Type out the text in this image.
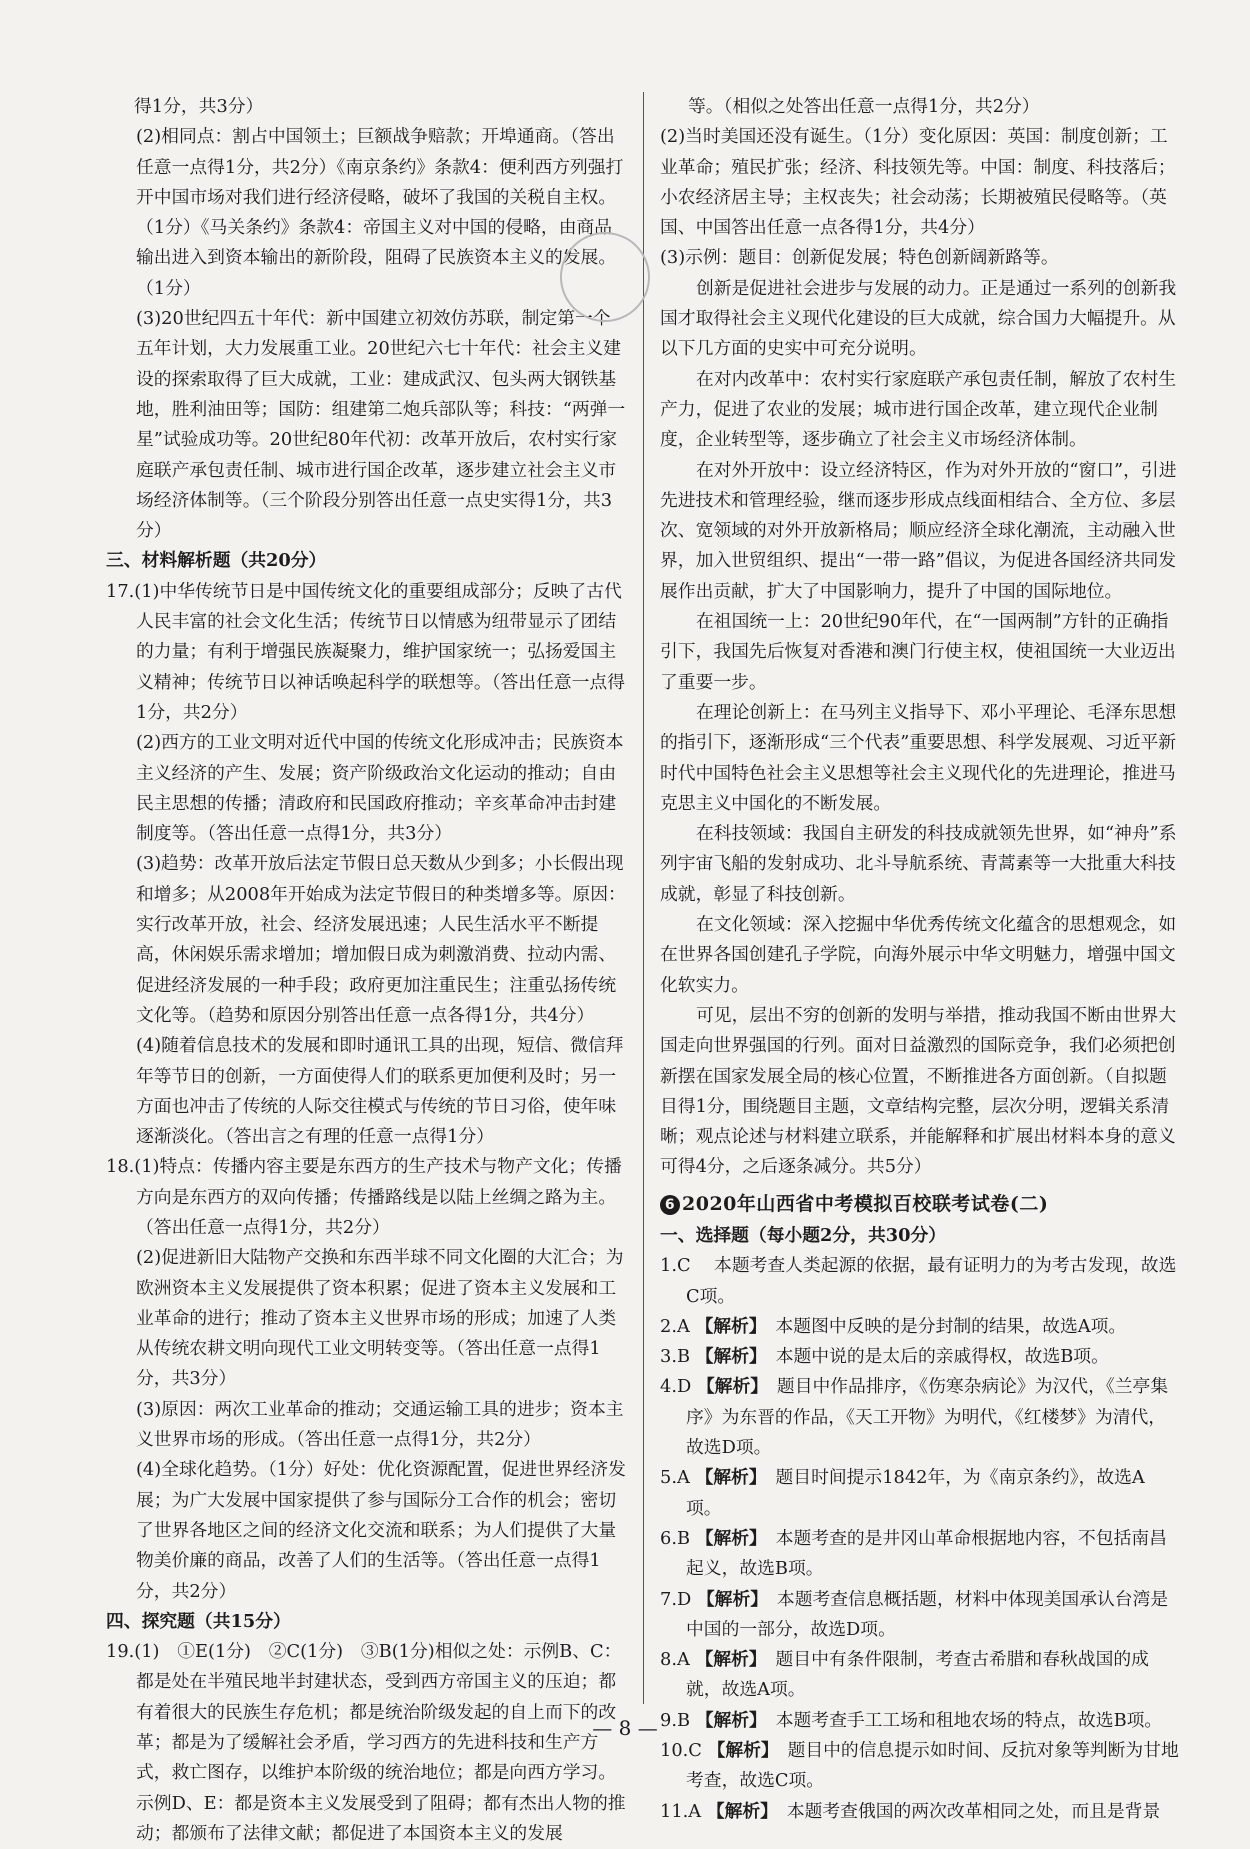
得1分，共3分）

(2)相同点：割占中国领土；巨额战争赔款；开埠通商。（答出任意一点得1分，共2分）《南京条约》条款4：便利西方列强打开中国市场对我们进行经济侵略，破坏了我国的关税自主权。（1分）《马关条约》条款4：帝国主义对中国的侵略，由商品输出进入到资本输出的新阶段，阻碍了民族资本主义的发展。（1分）

(3)20世纪四五十年代：新中国建立初效仿苏联，制定第一个五年计划，大力发展重工业。20世纪六七十年代：社会主义建设的探索取得了巨大成就，工业：建成武汉、包头两大钢铁基地，胜利油田等；国防：组建第二炮兵部队等；科技：“两弹一星”试验成功等。20世纪80年代初：改革开放后，农村实行家庭联产承包责任制、城市进行国企改革，逐步建立社会主义市场经济体制等。（三个阶段分别答出任意一点史实得1分，共3分）

三、材料解析题（共20分）

17.(1)中华传统节日是中国传统文化的重要组成部分；反映了古代人民丰富的社会文化生活；传统节日以情感为纽带显示了团结的力量；有利于增强民族凝聚力，维护国家统一；弘扬爱国主义精神；传统节日以神话唤起科学的联想等。（答出任意一点得1分，共2分）

(2)西方的工业文明对近代中国的传统文化形成冲击；民族资本主义经济的产生、发展；资产阶级政治文化运动的推动；自由民主思想的传播；清政府和民国政府推动；辛亥革命冲击封建制度等。（答出任意一点得1分，共3分）

(3)趋势：改革开放后法定节假日总天数从少到多；小长假出现和增多；从2008年开始成为法定节假日的种类增多等。原因：实行改革开放，社会、经济发展迅速；人民生活水平不断提高，休闲娱乐需求增加；增加假日成为刺激消费、拉动内需、促进经济发展的一种手段；政府更加注重民生；注重弘扬传统文化等。（趋势和原因分别答出任意一点各得1分，共4分）

(4)随着信息技术的发展和即时通讯工具的出现，短信、微信拜年等节日的创新，一方面使得人们的联系更加便利及时；另一方面也冲击了传统的人际交往模式与传统的节日习俗，使年味逐渐淡化。（答出言之有理的任意一点得1分）

18.(1)特点：传播内容主要是东西方的生产技术与物产文化；传播方向是东西方的双向传播；传播路线是以陆上丝绸之路为主。（答出任意一点得1分，共2分）

(2)促进新旧大陆物产交换和东西半球不同文化圈的大汇合；为欧洲资本主义发展提供了资本积累；促进了资本主义发展和工业革命的进行；推动了资本主义世界市场的形成；加速了人类从传统农耕文明向现代工业文明转变等。（答出任意一点得1分，共3分）

(3)原因：两次工业革命的推动；交通运输工具的进步；资本主义世界市场的形成。（答出任意一点得1分，共2分）

(4)全球化趋势。（1分）好处：优化资源配置，促进世界经济发展；为广大发展中国家提供了参与国际分工合作的机会；密切了世界各地区之间的经济文化交流和联系；为人们提供了大量物美价廉的商品，改善了人们的生活等。（答出任意一点得1分，共2分）

四、探究题（共15分）

19.(1)　①E(1分)　②C(1分)　③B(1分)相似之处：示例B、C：都是处在半殖民地半封建状态，受到西方帝国主义的压迫；都有着很大的民族生存危机；都是统治阶级发起的自上而下的改革；都是为了缓解社会矛盾，学习西方的先进科技和生产方式，救亡图存，以维护本阶级的统治地位；都是向西方学习。示例D、E：都是资本主义发展受到了阻碍；都有杰出人物的推动；都颁布了法律文献；都促进了本国资本主义的发展

等。（相似之处答出任意一点得1分，共2分）

(2)当时美国还没有诞生。（1分）变化原因：英国：制度创新；工业革命；殖民扩张；经济、科技领先等。中国：制度、科技落后；小农经济居主导；主权丧失；社会动荡；长期被殖民侵略等。（英国、中国答出任意一点各得1分，共4分）

(3)示例：题目：创新促发展；特色创新阔新路等。

创新是促进社会进步与发展的动力。正是通过一系列的创新我国才取得社会主义现代化建设的巨大成就，综合国力大幅提升。从以下几方面的史实中可充分说明。

在对内改革中：农村实行家庭联产承包责任制，解放了农村生产力，促进了农业的发展；城市进行国企改革，建立现代企业制度，企业转型等，逐步确立了社会主义市场经济体制。

在对外开放中：设立经济特区，作为对外开放的“窗口”，引进先进技术和管理经验，继而逐步形成点线面相结合、全方位、多层次、宽领域的对外开放新格局；顺应经济全球化潮流，主动融入世界，加入世贸组织、提出“一带一路”倡议，为促进各国经济共同发展作出贡献，扩大了中国影响力，提升了中国的国际地位。

在祖国统一上：20世纪90年代，在“一国两制”方针的正确指引下，我国先后恢复对香港和澳门行使主权，使祖国统一大业迈出了重要一步。

在理论创新上：在马列主义指导下、邓小平理论、毛泽东思想的指引下，逐渐形成“三个代表”重要思想、科学发展观、习近平新时代中国特色社会主义思想等社会主义现代化的先进理论，推进马克思主义中国化的不断发展。

在科技领域：我国自主研发的科技成就领先世界，如“神舟”系列宇宙飞船的发射成功、北斗导航系统、青蒿素等一大批重大科技成就，彰显了科技创新。

在文化领域：深入挖掘中华优秀传统文化蕴含的思想观念，如在世界各国创建孔子学院，向海外展示中华文明魅力，增强中国文化软实力。

可见，层出不穷的创新的发明与举措，推动我国不断由世界大国走向世界强国的行列。面对日益激烈的国际竞争，我们必须把创新摆在国家发展全局的核心位置，不断推进各方面创新。（自拟题目得1分，围绕题目主题，文章结构完整，层次分明，逻辑关系清晰；观点论述与材料建立联系，并能解释和扩展出材料本身的意义可得4分，之后逐条减分。共5分）

6 2020年山西省中考模拟百校联考试卷(二)

一、选择题（每小题2分，共30分）

1.C 　 本题考查人类起源的依据，最有证明力的为考古发现，故选C项。

2.A 【解析】　 本题图中反映的是分封制的结果，故选A项。

3.B 【解析】　 本题中说的是太后的亲戚得权，故选B项。

4.D 【解析】　 题目中作品排序，《伤寒杂病论》为汉代，《兰亭集序》为东晋的作品，《天工开物》为明代，《红楼梦》为清代，故选D项。

5.A 【解析】　 题目时间提示1842年，为《南京条约》，故选A项。

6.B 【解析】　 本题考查的是井冈山革命根据地内容，不包括南昌起义，故选B项。

7.D 【解析】　 本题考查信息概括题，材料中体现美国承认台湾是中国的一部分，故选D项。

8.A 【解析】　 题目中有条件限制，考查古希腊和春秋战国的成就，故选A项。

9.B 【解析】　 本题考查手工工场和租地农场的特点，故选B项。

10.C 【解析】　 题目中的信息提示如时间、反抗对象等判断为甘地考查，故选C项。

11.A 【解析】　 本题考查俄国的两次改革相同之处，而且是背景

— 8 —
